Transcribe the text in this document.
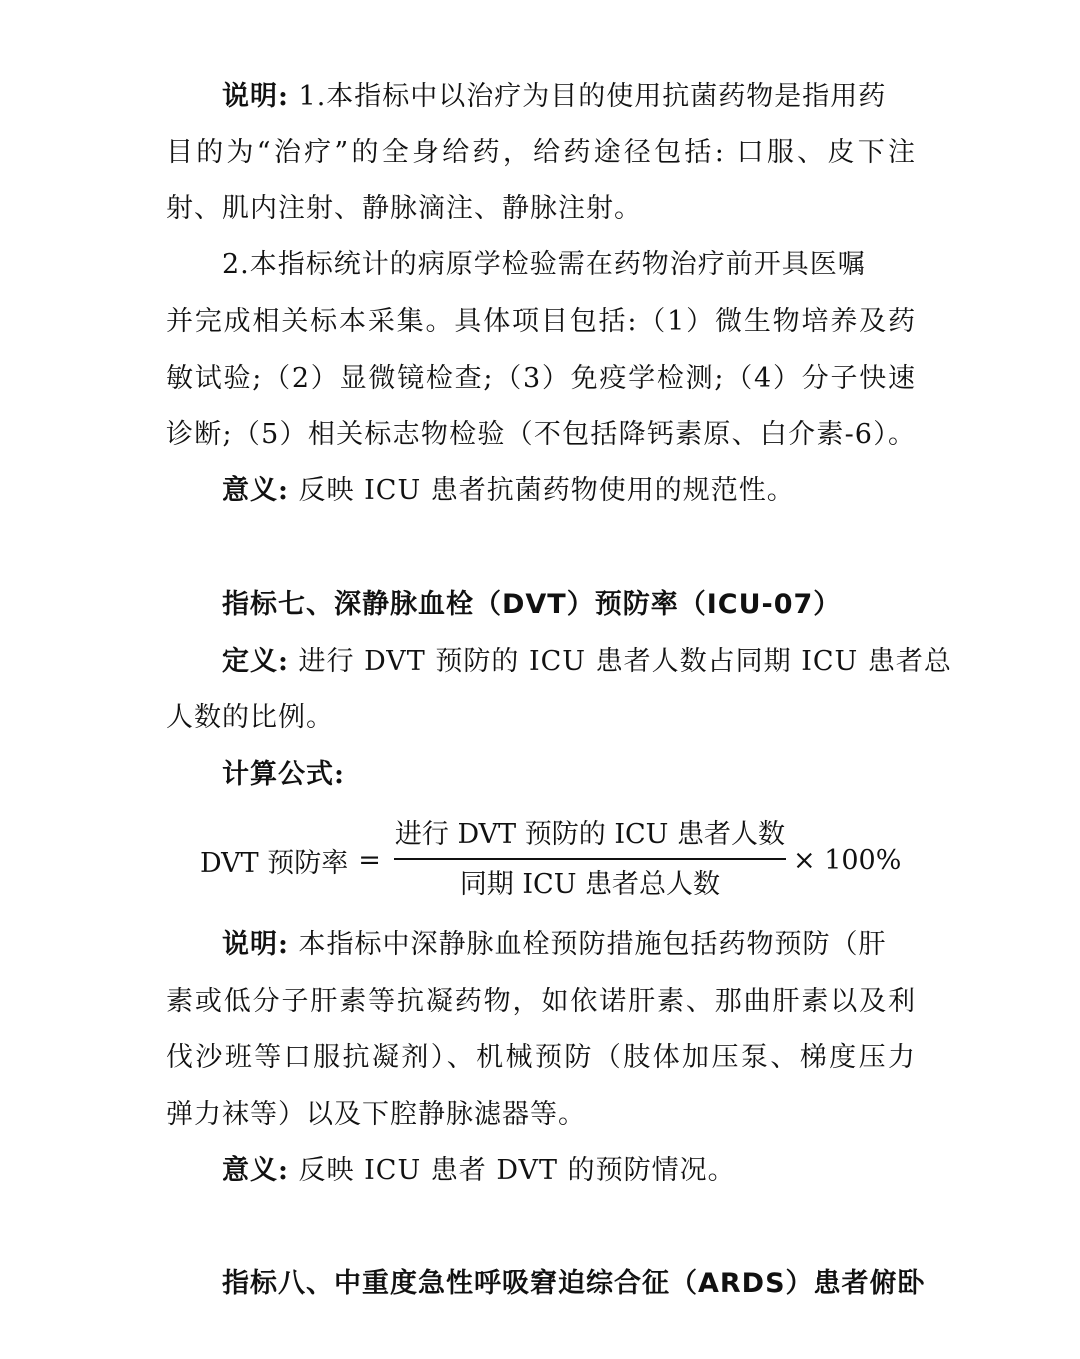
说明: 1.本指标中以治疗为目的使用抗菌药物是指用药
目的为“治疗”的全身给药，给药途径包括: 口服、皮下注
射、肌内注射、静脉滴注、静脉注射。
2.本指标统计的病原学检验需在药物治疗前开具医嘱
并完成相关标本采集。具体项目包括:（1）微生物培养及药
敏试验;（2）显微镜检查;（3）免疫学检测;（4）分子快速
诊断;（5）相关标志物检验（不包括降钙素原、白介素-6）。
意义: 反映 ICU 患者抗菌药物使用的规范性。
指标七、深静脉血栓（DVT）预防率（ICU-07）
定义: 进行 DVT 预防的 ICU 患者人数占同期 ICU 患者总
人数的比例。
计算公式:
DVT 预防率 = $\frac{\text{进行 DVT 预防的 ICU 患者人数}}{\text{同期 ICU 患者总人数}} \times 100\%$
说明: 本指标中深静脉血栓预防措施包括药物预防（肝
素或低分子肝素等抗凝药物，如依诺肝素、那曲肝素以及利
伐沙班等口服抗凝剂）、机械预防（肢体加压泵、梯度压力
弹力袜等）以及下腔静脉滤器等。
意义: 反映 ICU 患者 DVT 的预防情况。
指标八、中重度急性呼吸窘迫综合征（ARDS）患者俯卧
